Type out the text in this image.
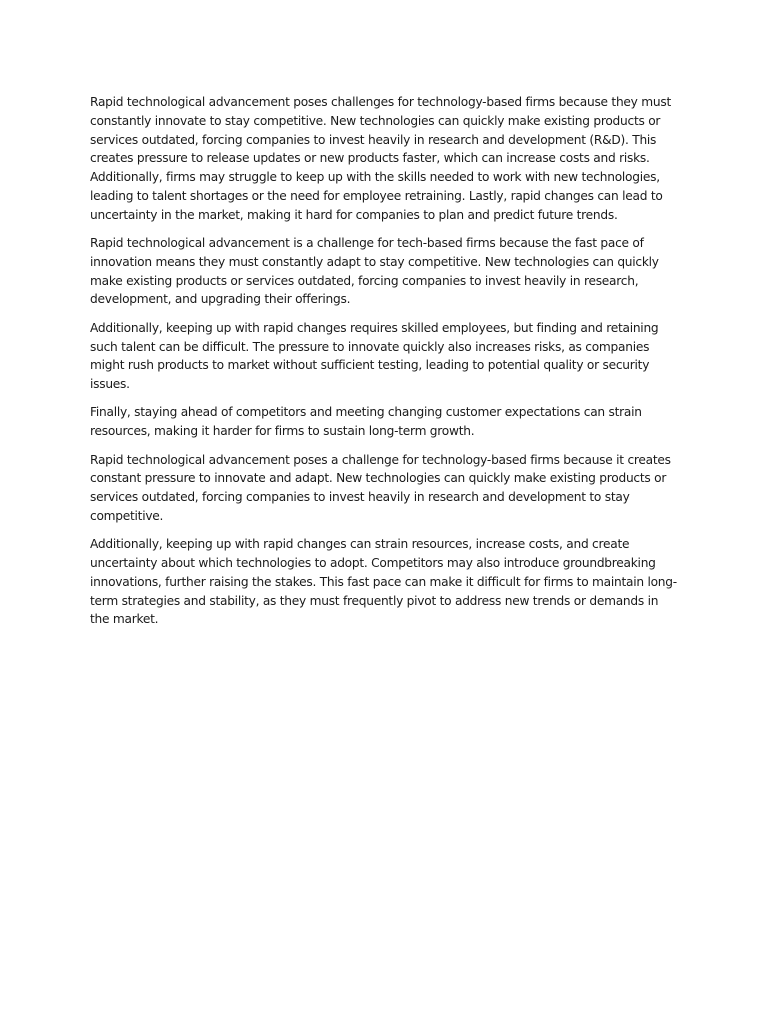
Rapid technological advancement poses challenges for technology-based firms because they must constantly innovate to stay competitive. New technologies can quickly make existing products or services outdated, forcing companies to invest heavily in research and development (R&D). This creates pressure to release updates or new products faster, which can increase costs and risks. Additionally, firms may struggle to keep up with the skills needed to work with new technologies, leading to talent shortages or the need for employee retraining. Lastly, rapid changes can lead to uncertainty in the market, making it hard for companies to plan and predict future trends.

Rapid technological advancement is a challenge for tech-based firms because the fast pace of innovation means they must constantly adapt to stay competitive. New technologies can quickly make existing products or services outdated, forcing companies to invest heavily in research, development, and upgrading their offerings.

Additionally, keeping up with rapid changes requires skilled employees, but finding and retaining such talent can be difficult. The pressure to innovate quickly also increases risks, as companies might rush products to market without sufficient testing, leading to potential quality or security issues.

Finally, staying ahead of competitors and meeting changing customer expectations can strain resources, making it harder for firms to sustain long-term growth.

Rapid technological advancement poses a challenge for technology-based firms because it creates constant pressure to innovate and adapt. New technologies can quickly make existing products or services outdated, forcing companies to invest heavily in research and development to stay competitive.

Additionally, keeping up with rapid changes can strain resources, increase costs, and create uncertainty about which technologies to adopt. Competitors may also introduce groundbreaking innovations, further raising the stakes. This fast pace can make it difficult for firms to maintain long-term strategies and stability, as they must frequently pivot to address new trends or demands in the market.
